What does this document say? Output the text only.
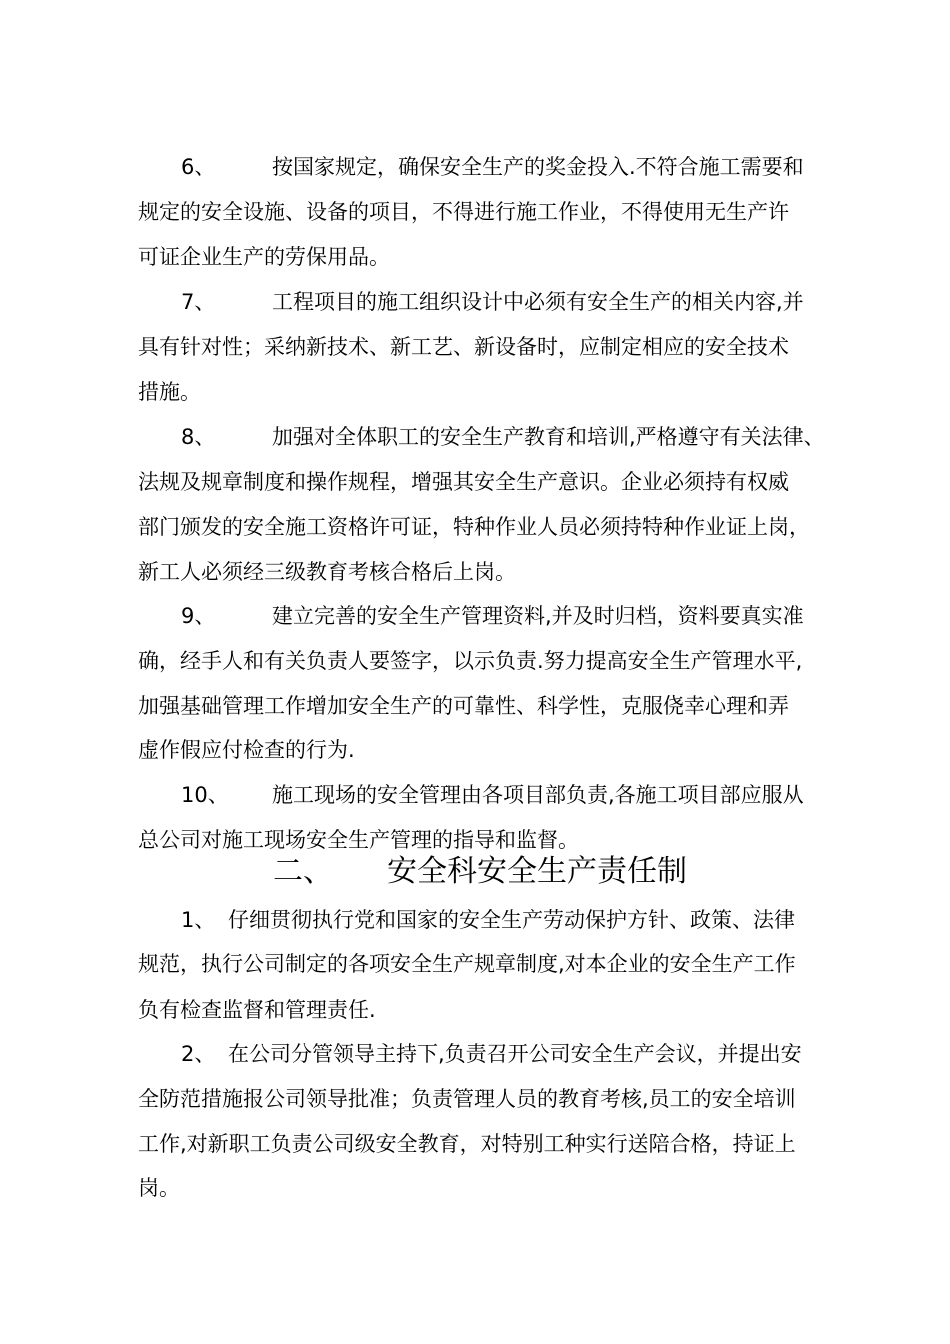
6、	按国家规定，确保安全生产的奖金投入.不符合施工需要和
规定的安全设施、设备的项目，不得进行施工作业，不得使用无生产许
可证企业生产的劳保用品。
7、	工程项目的施工组织设计中必须有安全生产的相关内容,并
具有针对性；采纳新技术、新工艺、新设备时，应制定相应的安全技术
措施。
8、	加强对全体职工的安全生产教育和培训,严格遵守有关法律、
法规及规章制度和操作规程，增强其安全生产意识。企业必须持有权威
部门颁发的安全施工资格许可证，特种作业人员必须持特种作业证上岗，
新工人必须经三级教育考核合格后上岗。
9、	建立完善的安全生产管理资料,并及时归档，资料要真实准
确，经手人和有关负责人要签字，以示负责.努力提高安全生产管理水平,
加强基础管理工作增加安全生产的可靠性、科学性，克服侥幸心理和弄
虚作假应付检查的行为.
10、 施工现场的安全管理由各项目部负责,各施工项目部应服从
总公司对施工现场安全生产管理的指导和监督。
二、 安全科安全生产责任制
1、 仔细贯彻执行党和国家的安全生产劳动保护方针、政策、法律
规范，执行公司制定的各项安全生产规章制度,对本企业的安全生产工作
负有检查监督和管理责任.
2、 在公司分管领导主持下,负责召开公司安全生产会议，并提出安
全防范措施报公司领导批准；负责管理人员的教育考核,员工的安全培训
工作,对新职工负责公司级安全教育，对特别工种实行送陪合格，持证上
岗。
